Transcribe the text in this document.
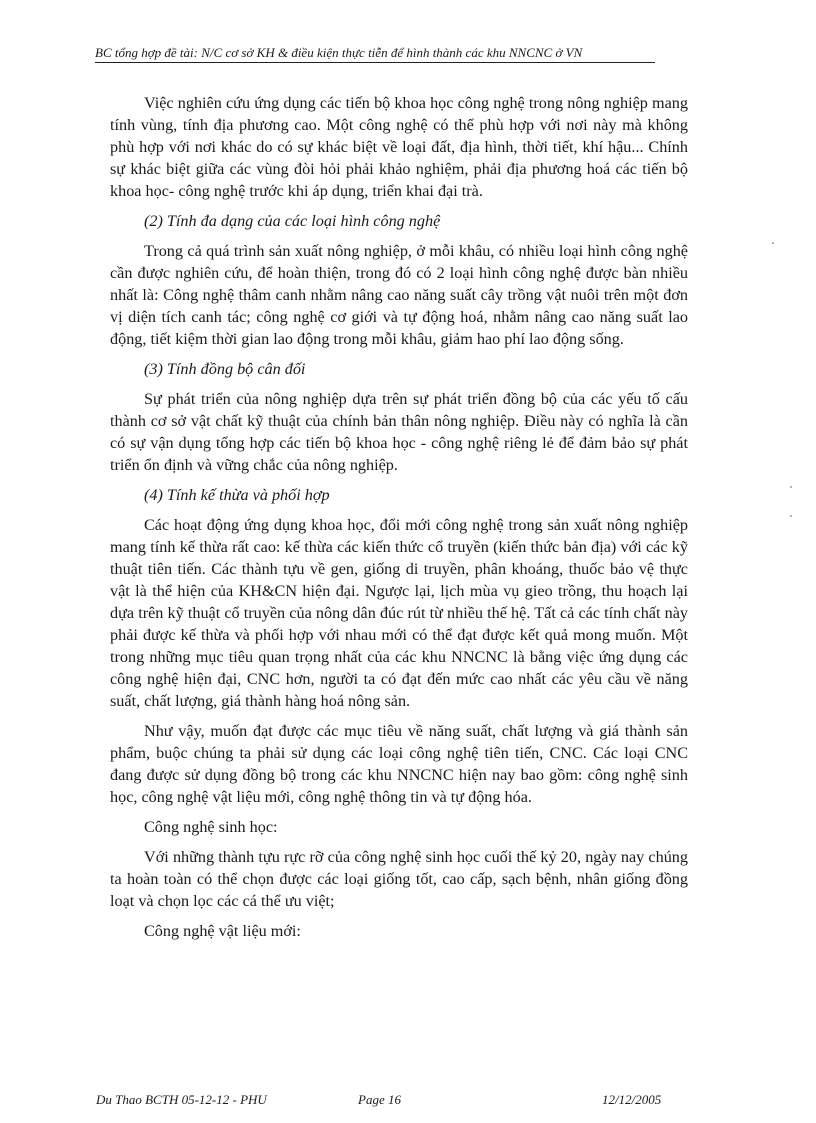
BC tổng hợp đề tài: N/C cơ sở KH & điều kiện thực tiễn để hình thành các khu NNCNC ở VN

Việc nghiên cứu ứng dụng các tiến bộ khoa học công nghệ trong nông nghiệp mang tính vùng, tính địa phương cao. Một công nghệ có thể phù hợp với nơi này mà không phù hợp với nơi khác do có sự khác biệt về loại đất, địa hình, thời tiết, khí hậu... Chính sự khác biệt giữa các vùng đòi hỏi phải khảo nghiệm, phải địa phương hoá các tiến bộ khoa học- công nghệ trước khi áp dụng, triển khai đại trà.

(2) Tính đa dạng của các loại hình công nghệ

Trong cả quá trình sản xuất nông nghiệp, ở mỗi khâu, có nhiều loại hình công nghệ cần được nghiên cứu, để hoàn thiện, trong đó có 2 loại hình công nghệ được bàn nhiều nhất là: Công nghệ thâm canh nhằm nâng cao năng suất cây trồng vật nuôi trên một đơn vị diện tích canh tác; công nghệ cơ giới và tự động hoá, nhằm nâng cao năng suất lao động, tiết kiệm thời gian lao động trong mỗi khâu, giảm hao phí lao động sống.

(3) Tính đồng bộ cân đối

Sự phát triển của nông nghiệp dựa trên sự phát triển đồng bộ của các yếu tố cấu thành cơ sở vật chất kỹ thuật của chính bản thân nông nghiệp. Điều này có nghĩa là cần có sự vận dụng tổng hợp các tiến bộ khoa học - công nghệ riêng lẻ để đảm bảo sự phát triển ổn định và vững chắc của nông nghiệp.

(4) Tính kế thừa và phối hợp

Các hoạt động ứng dụng khoa học, đổi mới công nghệ trong sản xuất nông nghiệp mang tính kế thừa rất cao: kế thừa các kiến thức cổ truyền (kiến thức bản địa) với các kỹ thuật tiên tiến. Các thành tựu về gen, giống di truyền, phân khoáng, thuốc bảo vệ thực vật là thể hiện của KH&CN hiện đại. Ngược lại, lịch mùa vụ gieo trồng, thu hoạch lại dựa trên kỹ thuật cổ truyền của nông dân đúc rút từ nhiều thế hệ. Tất cả các tính chất này phải được kế thừa và phối hợp với nhau mới có thể đạt được kết quả mong muốn. Một trong những mục tiêu quan trọng nhất của các khu NNCNC là bằng việc ứng dụng các công nghệ hiện đại, CNC hơn, người ta có đạt đến mức cao nhất các yêu cầu về năng suất, chất lượng, giá thành hàng hoá nông sản.

Như vậy, muốn đạt được các mục tiêu về năng suất, chất lượng và giá thành sản phẩm, buộc chúng ta phải sử dụng các loại công nghệ tiên tiến, CNC. Các loại CNC đang được sử dụng đồng bộ trong các khu NNCNC hiện nay bao gồm: công nghệ sinh học, công nghệ vật liệu mới, công nghệ thông tin và tự động hóa.

Công nghệ sinh học:

Với những thành tựu rực rỡ của công nghệ sinh học cuối thế kỷ 20, ngày nay chúng ta hoàn toàn có thể chọn được các loại giống tốt, cao cấp, sạch bệnh, nhân giống đồng loạt và chọn lọc các cá thể ưu việt;

Công nghệ vật liệu mới:

Du Thao BCTH 05-12-12 - PHU	Page 16	12/12/2005
